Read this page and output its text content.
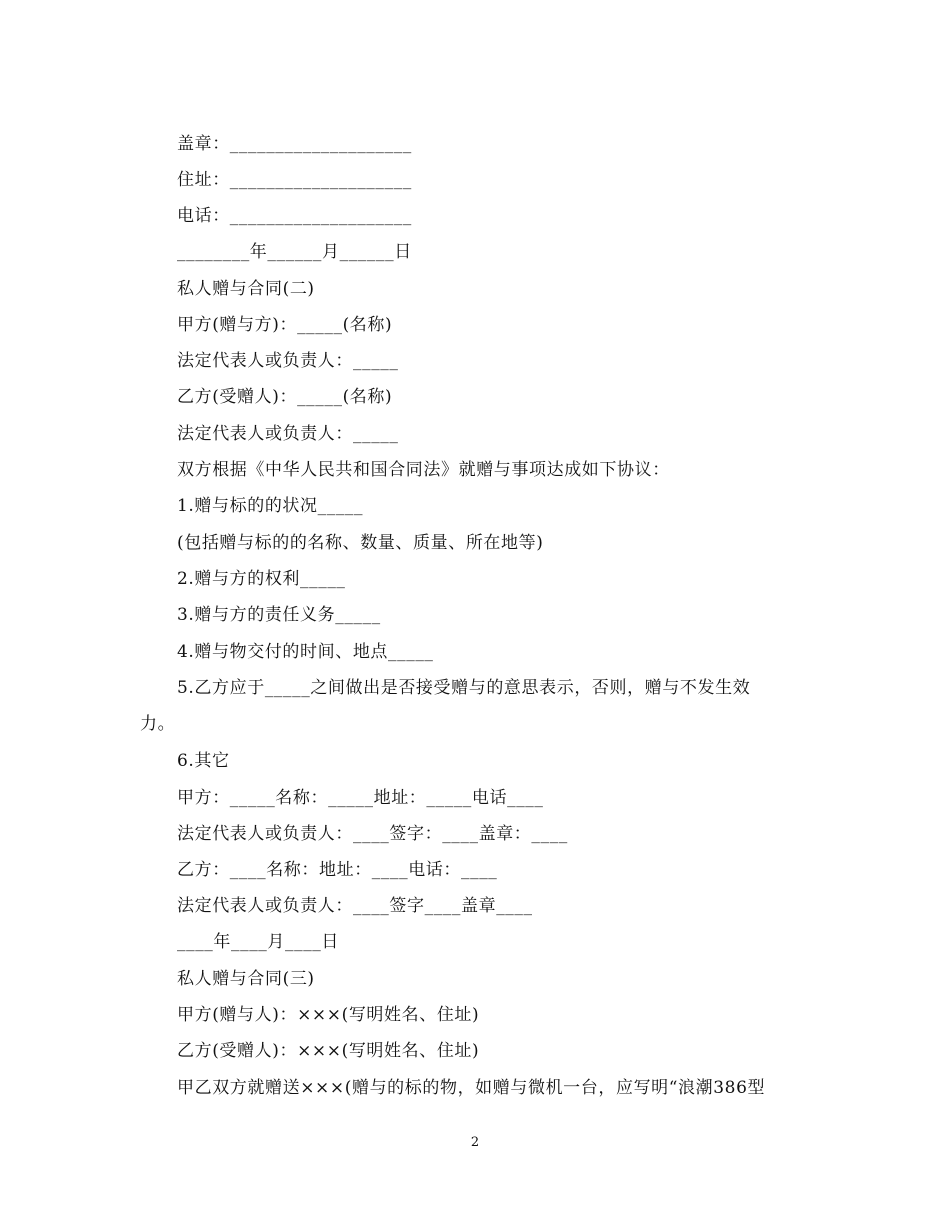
盖章：____________________
住址：____________________
电话：____________________
________年______月______日
私人赠与合同(二)
甲方(赠与方)：_____(名称)
法定代表人或负责人：_____
乙方(受赠人)：_____(名称)
法定代表人或负责人：_____
双方根据《中华人民共和国合同法》就赠与事项达成如下协议：
1.赠与标的的状况_____
(包括赠与标的的名称、数量、质量、所在地等)
2.赠与方的权利_____
3.赠与方的责任义务_____
4.赠与物交付的时间、地点_____
5.乙方应于_____之间做出是否接受赠与的意思表示，否则，赠与不发生效
力。
6.其它
甲方：_____名称：_____地址：_____电话____
法定代表人或负责人：____签字：____盖章：____
乙方：____名称：地址：____电话：____
法定代表人或负责人：____签字____盖章____
____年____月____日
私人赠与合同(三)
甲方(赠与人)：×××(写明姓名、住址)
乙方(受赠人)：×××(写明姓名、住址)
甲乙双方就赠送×××(赠与的标的物，如赠与微机一台，应写明“浪潮386型
2
